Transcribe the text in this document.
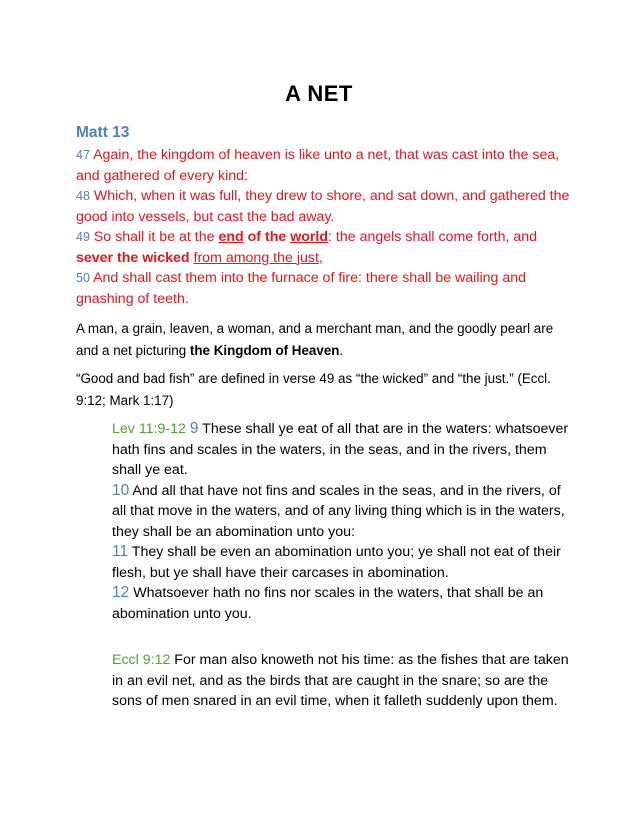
A NET
Matt 13

47 Again, the kingdom of heaven is like unto a net, that was cast into the sea, and gathered of every kind:

48 Which, when it was full, they drew to shore, and sat down, and gathered the good into vessels, but cast the bad away.

49 So shall it be at the end of the world: the angels shall come forth, and sever the wicked from among the just,

50 And shall cast them into the furnace of fire: there shall be wailing and gnashing of teeth.

A man, a grain, leaven, a woman, and a merchant man, and the goodly pearl are and a net picturing the Kingdom of Heaven.

“Good and bad fish” are defined in verse 49 as “the wicked” and “the just.” (Eccl. 9:12; Mark 1:17)

Lev 11:9-12 9 These shall ye eat of all that are in the waters: whatsoever hath fins and scales in the waters, in the seas, and in the rivers, them shall ye eat.

10 And all that have not fins and scales in the seas, and in the rivers, of all that move in the waters, and of any living thing which is in the waters, they shall be an abomination unto you:

11 They shall be even an abomination unto you; ye shall not eat of their flesh, but ye shall have their carcases in abomination.

12 Whatsoever hath no fins nor scales in the waters, that shall be an abomination unto you.

Eccl 9:12 For man also knoweth not his time: as the fishes that are taken in an evil net, and as the birds that are caught in the snare; so are the sons of men snared in an evil time, when it falleth suddenly upon them.
